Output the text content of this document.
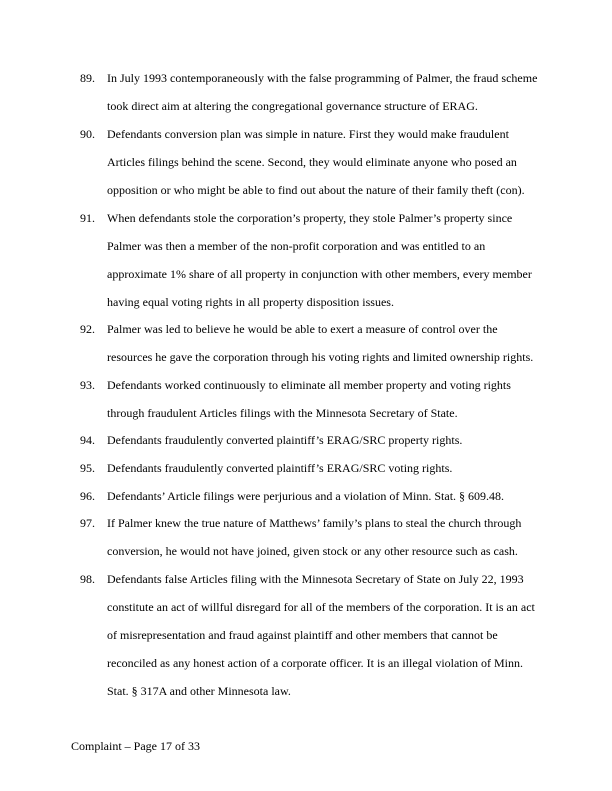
89. In July 1993 contemporaneously with the false programming of Palmer, the fraud scheme
took direct aim at altering the congregational governance structure of ERAG.
90. Defendants conversion plan was simple in nature. First they would make fraudulent
Articles filings behind the scene. Second, they would eliminate anyone who posed an
opposition or who might be able to find out about the nature of their family theft (con).
91. When defendants stole the corporation’s property, they stole Palmer’s property since
Palmer was then a member of the non-profit corporation and was entitled to an
approximate 1% share of all property in conjunction with other members, every member
having equal voting rights in all property disposition issues.
92. Palmer was led to believe he would be able to exert a measure of control over the
resources he gave the corporation through his voting rights and limited ownership rights.
93. Defendants worked continuously to eliminate all member property and voting rights
through fraudulent Articles filings with the Minnesota Secretary of State.
94. Defendants fraudulently converted plaintiff’s ERAG/SRC property rights.
95. Defendants fraudulently converted plaintiff’s ERAG/SRC voting rights.
96. Defendants’ Article filings were perjurious and a violation of Minn. Stat. § 609.48.
97. If Palmer knew the true nature of Matthews’ family’s plans to steal the church through
conversion, he would not have joined, given stock or any other resource such as cash.
98. Defendants false Articles filing with the Minnesota Secretary of State on July 22, 1993
constitute an act of willful disregard for all of the members of the corporation. It is an act
of misrepresentation and fraud against plaintiff and other members that cannot be
reconciled as any honest action of a corporate officer. It is an illegal violation of Minn.
Stat. § 317A and other Minnesota law.
Complaint – Page 17 of 33
